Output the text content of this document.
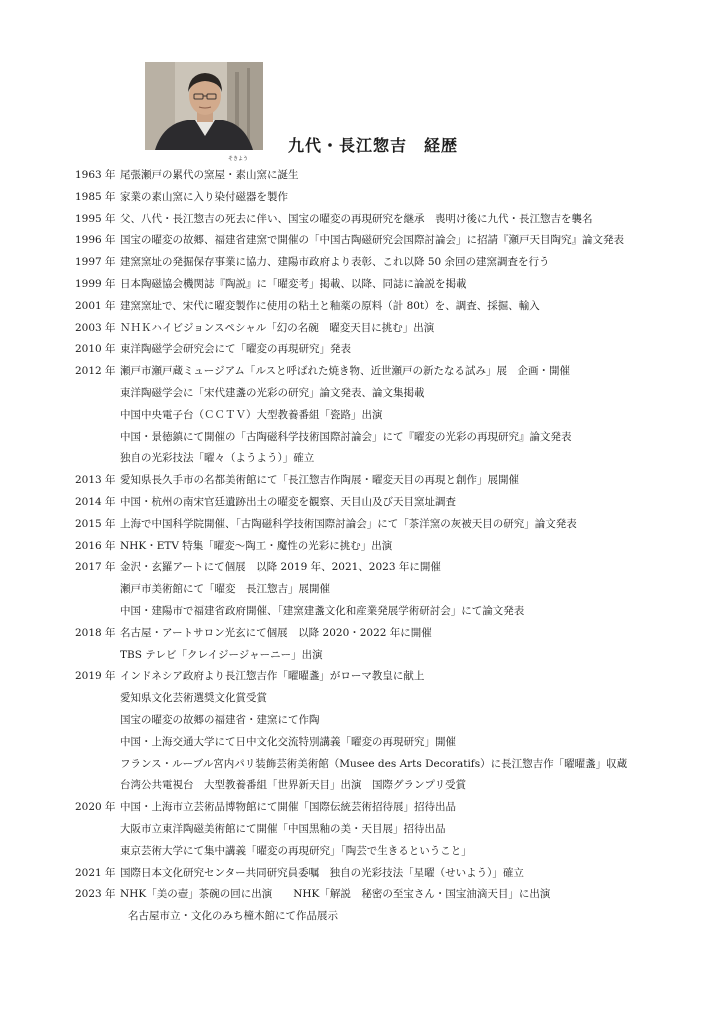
九代・長江惣吉　経歴
1963 年 尾張瀬戸の累代の窯屋・素山窯に誕生
そきよう
1985 年 家業の素山窯に入り染付磁器を製作
1995 年 父、八代・長江惣吉の死去に伴い、国宝の曜変の再現研究を継承　喪明け後に九代・長江惣吉を襲名
1996 年 国宝の曜変の故郷、福建省建窯で開催の「中国古陶磁研究会国際討論会」に招請『瀬戸天目陶究』論文発表
1997 年 建窯窯址の発掘保存事業に協力、建陽市政府より表彰、これ以降 50 余回の建窯調査を行う
1999 年 日本陶磁協会機関誌『陶説』に「曜変考」掲載、以降、同誌に論説を掲載
2001 年 建窯窯址で、宋代に曜変製作に使用の粘土と釉薬の原料（計 80t）を、調査、採掘、輸入
2003 年 ＮＨＫハイビジョンスペシャル「幻の名碗　曜変天目に挑む」出演
2010 年 東洋陶磁学会研究会にて「曜変の再現研究」発表
2012 年 瀬戸市瀬戸蔵ミュージアム「ルスと呼ばれた焼き物、近世瀬戸の新たなる試み」展　企画・開催
東洋陶磁学会に「宋代建盞の光彩の研究」論文発表、論文集掲載
中国中央電子台（ＣＣＴＶ）大型教養番組「瓷路」出演
中国・景徳鎮にて開催の「古陶磁科学技術国際討論会」にて『曜変の光彩の再現研究』論文発表
独自の光彩技法「曜々（ようよう）」確立
2013 年 愛知県長久手市の名都美術館にて「長江惣吉作陶展・曜変天目の再現と創作」展開催
2014 年 中国・杭州の南宋官廷遺跡出土の曜変を観察、天目山及び天目窯址調査
2015 年 上海で中国科学院開催、「古陶磁科学技術国際討論会」にて「茶洋窯の灰被天目の研究」論文発表
2016 年 NHK・ETV 特集「曜変～陶工・魔性の光彩に挑む」出演
2017 年 金沢・玄羅アートにて個展　以降 2019 年、2021、2023 年に開催
瀬戸市美術館にて「曜変　長江惣吉」展開催
中国・建陽市で福建省政府開催、「建窯建盞文化和産業発展学術研討会」にて論文発表
2018 年 名古屋・アートサロン光玄にて個展　以降 2020・2022 年に開催
TBS テレビ「クレイジージャーニー」出演
2019 年 インドネシア政府より長江惣吉作「曜曜盞」がローマ教皇に献上
愛知県文化芸術選奨文化賞受賞
国宝の曜変の故郷の福建省・建窯にて作陶
中国・上海交通大学にて日中文化交流特別講義「曜変の再現研究」開催
フランス・ルーブル宮内パリ装飾芸術美術館（Musee des Arts Decoratifs）に長江惣吉作「曜曜盞」収蔵
台湾公共電視台　大型教養番組「世界新天目」出演　国際グランプリ受賞
2020 年 中国・上海市立芸術品博物館にて開催「国際伝統芸術招待展」招待出品
大阪市立東洋陶磁美術館にて開催「中国黒釉の美・天目展」招待出品
東京芸術大学にて集中講義「曜変の再現研究」「陶芸で生きるということ」
2021 年 国際日本文化研究センター共同研究員委嘱　独自の光彩技法「星曜（せいよう）」確立
2023 年 NHK「美の壺」茶碗の回に出演　　NHK「解説　秘密の至宝さん・国宝油滴天目」に出演
名古屋市立・文化のみち橦木館にて作品展示
